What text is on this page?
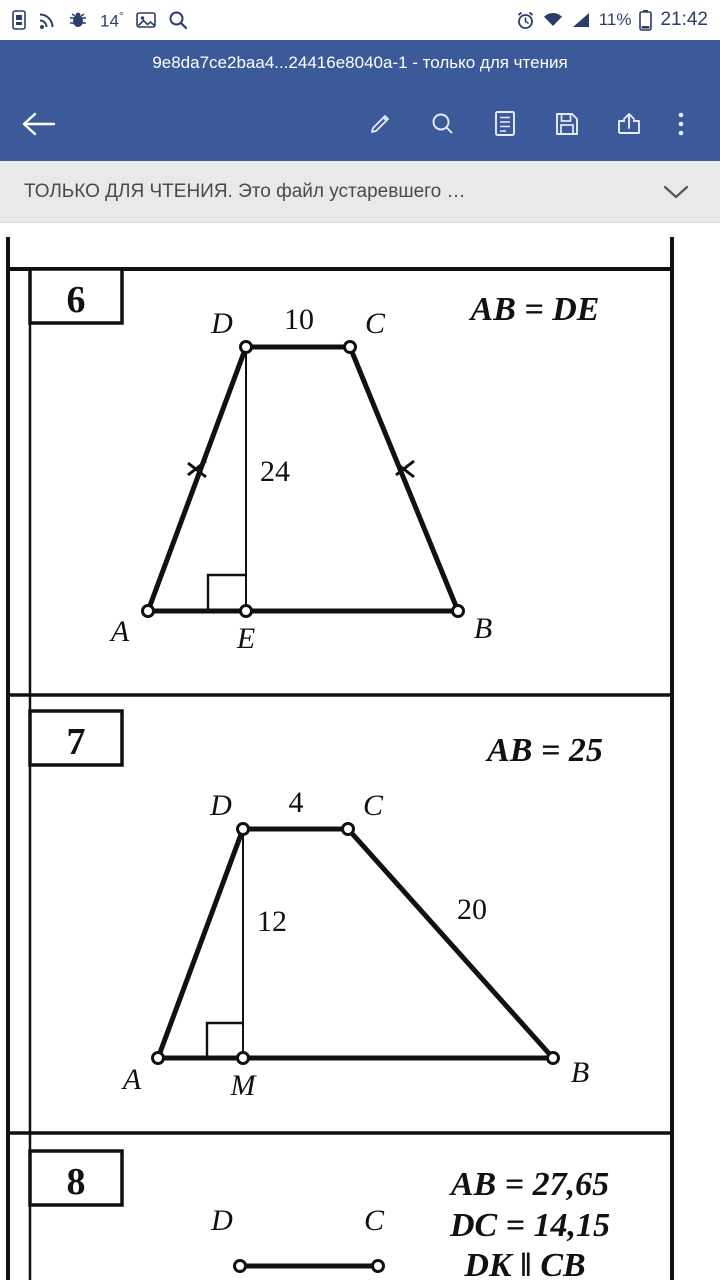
14°	11% 21:42
9e8da7ce2baa4...24416e8040a-1 - только для чтения
ТОЛЬКО ДЛЯ ЧТЕНИЯ. Это файл устаревшего …
6	AB = DE
D	C
10
24
A	B
E
7	AB = 25
D	C
4
12	20
A	B
M
8	AB = 27,65
DC = 14,15
DK ‖ CB
D	C
